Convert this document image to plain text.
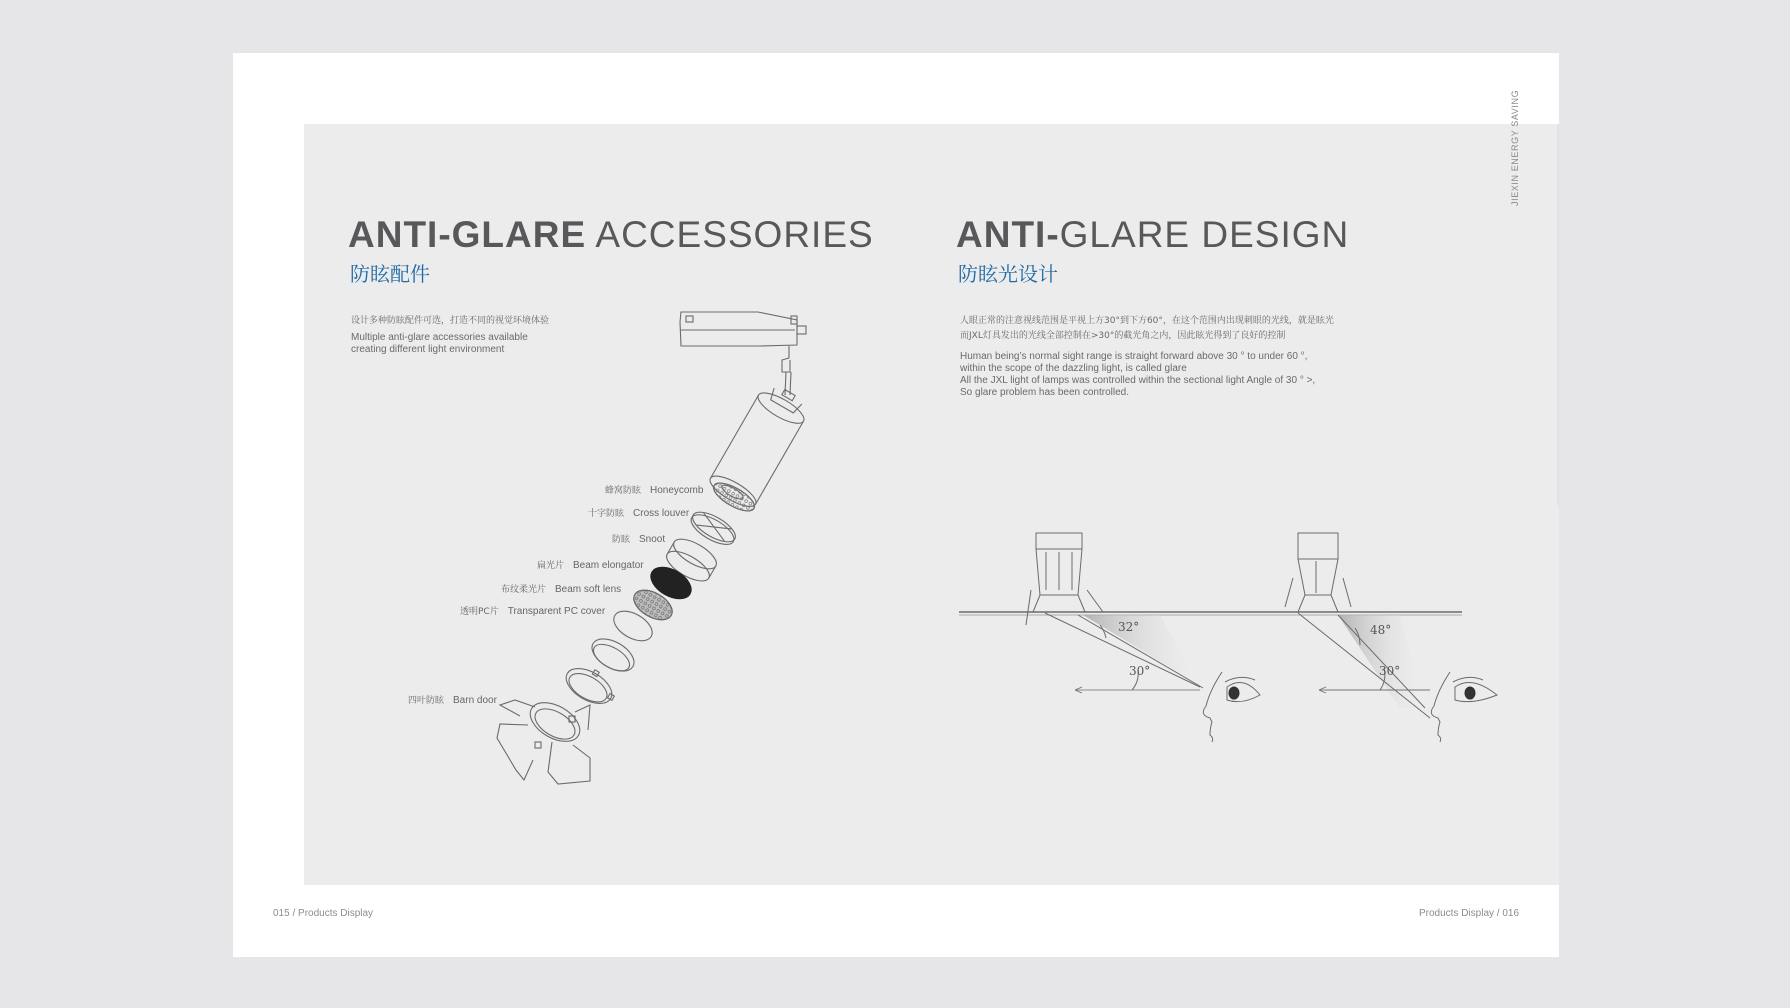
JIEXIN ENERGY SAVING
ANTI-GLARE ACCESSORIES
防眩配件
设计多种防眩配件可选，打造不同的视觉环境体验
Multiple anti-glare accessories available
creating different light environment
蜂窝防眩 Honeycomb
十字防眩 Cross louver
防眩 Snoot
扁光片 Beam elongator
布纹柔光片 Beam soft lens
透明PC片 Transparent PC cover
四叶防眩 Barn door
ANTI-GLARE DESIGN
防眩光设计
人眼正常的注意视线范围是平视上方30°到下方60°，在这个范围内出现刺眼的光线，就是眩光
而JXL灯具发出的光线全部控制在>30°的截光角之内，因此眩光得到了良好的控制
Human being’s normal sight range is straight forward above 30 ° to under 60 °,
within the scope of the dazzling light, is called glare
All the JXL light of lamps was controlled within the sectional light Angle of 30 ° >,
So glare problem has been controlled.
015 / Products Display	Products Display / 016
32°
30°
48°
30°
